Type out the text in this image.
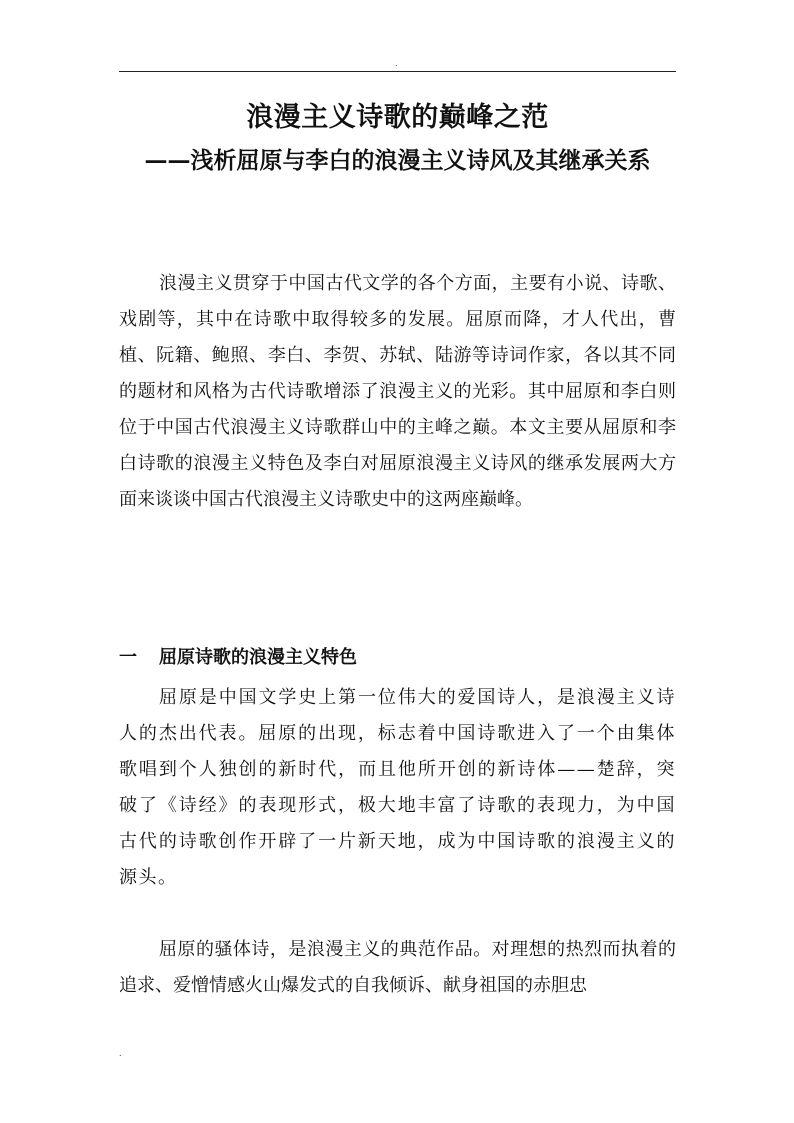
.
浪漫主义诗歌的巅峰之范
——浅析屈原与李白的浪漫主义诗风及其继承关系

浪漫主义贯穿于中国古代文学的各个方面，主要有小说、诗歌、戏剧等，其中在诗歌中取得较多的发展。屈原而降，才人代出，曹植、阮籍、鲍照、李白、李贺、苏轼、陆游等诗词作家，各以其不同的题材和风格为古代诗歌增添了浪漫主义的光彩。其中屈原和李白则位于中国古代浪漫主义诗歌群山中的主峰之巅。本文主要从屈原和李白诗歌的浪漫主义特色及李白对屈原浪漫主义诗风的继承发展两大方面来谈谈中国古代浪漫主义诗歌史中的这两座巅峰。

一 屈原诗歌的浪漫主义特色

屈原是中国文学史上第一位伟大的爱国诗人，是浪漫主义诗人的杰出代表。屈原的出现，标志着中国诗歌进入了一个由集体歌唱到个人独创的新时代，而且他所开创的新诗体——楚辞，突破了《诗经》的表现形式，极大地丰富了诗歌的表现力，为中国古代的诗歌创作开辟了一片新天地，成为中国诗歌的浪漫主义的源头。

屈原的骚体诗，是浪漫主义的典范作品。对理想的热烈而执着的追求、爱憎情感火山爆发式的自我倾诉、献身祖国的赤胆忠

.
